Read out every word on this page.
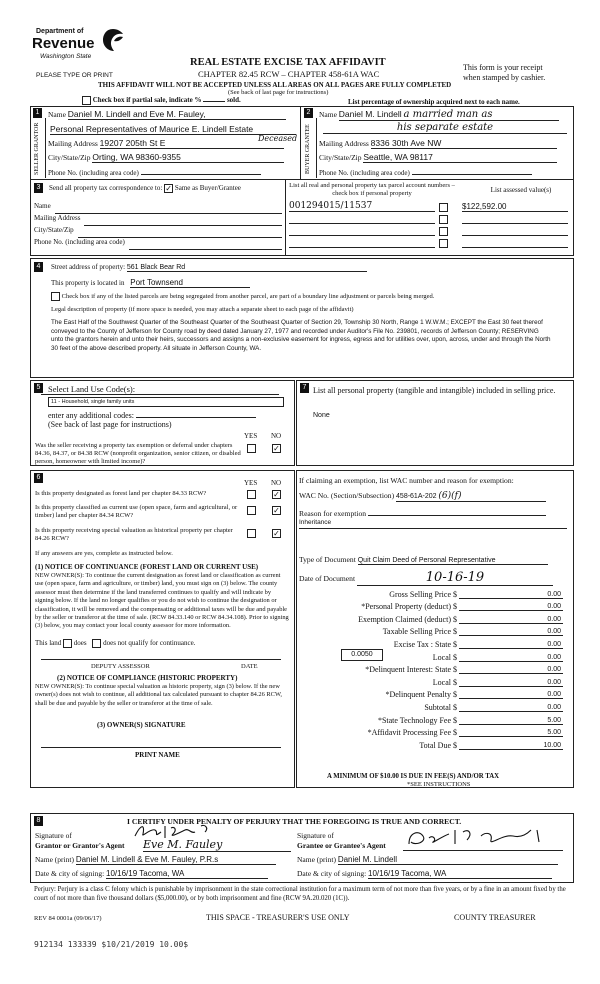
Department of
Revenue
Washington State
PLEASE TYPE OR PRINT
REAL ESTATE EXCISE TAX AFFIDAVIT
CHAPTER 82.45 RCW – CHAPTER 458-61A WAC
This form is your receipt
when stamped by cashier.
THIS AFFIDAVIT WILL NOT BE ACCEPTED UNLESS ALL AREAS ON ALL PAGES ARE FULLY COMPLETED
(See back of last page for instructions)
Check box if partial sale, indicate %	sold.	List percentage of ownership acquired next to each name.
1
SELLER GRANTOR
Name Daniel M. Lindell and Eve M. Fauley,
Personal Representatives of Maurice E. Lindell Estate
Deceased
Mailing Address 19207 205th St E
City/State/Zip Orting, WA 98360-9355
Phone No. (including area code)
2
BUYER GRANTEE
Name Daniel M. Lindell a married man as
his separate estate
Mailing Address 8336 30th Ave NW
City/State/Zip Seattle, WA 98117
Phone No. (including area code)
3	Send all property tax correspondence to: ✓ Same as Buyer/Grantee
Name
Mailing Address
City/State/Zip
Phone No. (including area code)
List all real and personal property tax parcel account numbers – check box if personal property	List assessed value(s)
001294015/11537	$122,592.00
4	Street address of property: 561 Black Bear Rd
This property is located in Port Townsend
Check box if any of the listed parcels are being segregated from another parcel, are part of a boundary line adjustment or parcels being merged.
Legal description of property (if more space is needed, you may attach a separate sheet to each page of the affidavit)
The East Half of the Southwest Quarter of the Southeast Quarter of the Southeast Quarter of Section 29, Township 30 North, Range 1 W.W.M.; EXCEPT the East 30 feet thereof conveyed to the County of Jefferson for County road by deed dated January 27, 1977 and recorded under Auditor's File No. 239801, records of Jefferson County; RESERVING unto the grantors herein and unto their heirs, successors and assigns a non-exclusive easement for ingress, egress and for utilities over, upon, across, under and through the North 30 feet of the above described property. All situate in Jefferson County, WA.
5 Select Land Use Code(s):
11 - Household, single family units
enter any additional codes:
(See back of last page for instructions)
YES NO
Was the seller receiving a property tax exemption or deferral under chapters 84.36, 84.37, or 84.38 RCW (nonprofit organization, senior citizen, or disabled person, homeowner with limited income)?
✓
7 List all personal property (tangible and intangible) included in selling price.
None
6
YES NO
Is this property designated as forest land per chapter 84.33 RCW?
✓
Is this property classified as current use (open space, farm and agricultural, or timber) land per chapter 84.34 RCW?
✓
Is this property receiving special valuation as historical property per chapter 84.26 RCW?
✓
If any answers are yes, complete as instructed below.
(1) NOTICE OF CONTINUANCE (FOREST LAND OR CURRENT USE)
NEW OWNER(S): To continue the current designation as forest land or classification as current use (open space, farm and agriculture, or timber) land, you must sign on (3) below. The county assessor must then determine if the land transferred continues to qualify and will indicate by signing below. If the land no longer qualifies or you do not wish to continue the designation or classification, it will be removed and the compensating or additional taxes will be due and payable by the seller or transferor at the time of sale. (RCW 84.33.140 or RCW 84.34.108). Prior to signing (3) below, you may contact your local county assessor for more information.
This land does does not qualify for continuance.
DEPUTY ASSESSOR	DATE
(2) NOTICE OF COMPLIANCE (HISTORIC PROPERTY)
NEW OWNER(S): To continue special valuation as historic property, sign (3) below. If the new owner(s) does not wish to continue, all additional tax calculated pursuant to chapter 84.26 RCW, shall be due and payable by the seller or transferor at the time of sale.
(3) OWNER(S) SIGNATURE
PRINT NAME
If claiming an exemption, list WAC number and reason for exemption:
WAC No. (Section/Subsection) 458-61A-202 (6)(f)
Reason for exemption
Inheritance
Type of Document Quit Claim Deed of Personal Representative
Date of Document	10-16-19
Gross Selling Price $	0.00
*Personal Property (deduct) $	0.00
Exemption Claimed (deduct) $	0.00
Taxable Selling Price $	0.00
Excise Tax : State $	0.00
0.0050	Local $	0.00
*Delinquent Interest: State $	0.00
Local $	0.00
*Delinquent Penalty $	0.00
Subtotal $	0.00
*State Technology Fee $	5.00
*Affidavit Processing Fee $	5.00
Total Due $	10.00
A MINIMUM OF $10.00 IS DUE IN FEE(S) AND/OR TAX
*SEE INSTRUCTIONS
8	I CERTIFY UNDER PENALTY OF PERJURY THAT THE FOREGOING IS TRUE AND CORRECT.
Signature of
Grantor or Grantor's Agent Eve M. Fauley
Name (print) Daniel M. Lindell & Eve M. Fauley, P.R.s
Date & city of signing: 10/16/19 Tacoma, WA
Signature of
Grantee or Grantee's Agent
Name (print) Daniel M. Lindell
Date & city of signing: 10/16/19 Tacoma, WA
Perjury: Perjury is a class C felony which is punishable by imprisonment in the state correctional institution for a maximum term of not more than five years, or by a fine in an amount fixed by the court of not more than five thousand dollars ($5,000.00), or by both imprisonment and fine (RCW 9A.20.020 (1C)).
REV 84 0001a (09/06/17)	THIS SPACE - TREASURER'S USE ONLY	COUNTY TREASURER
912134 133339 $10/21/2019 10.00$
